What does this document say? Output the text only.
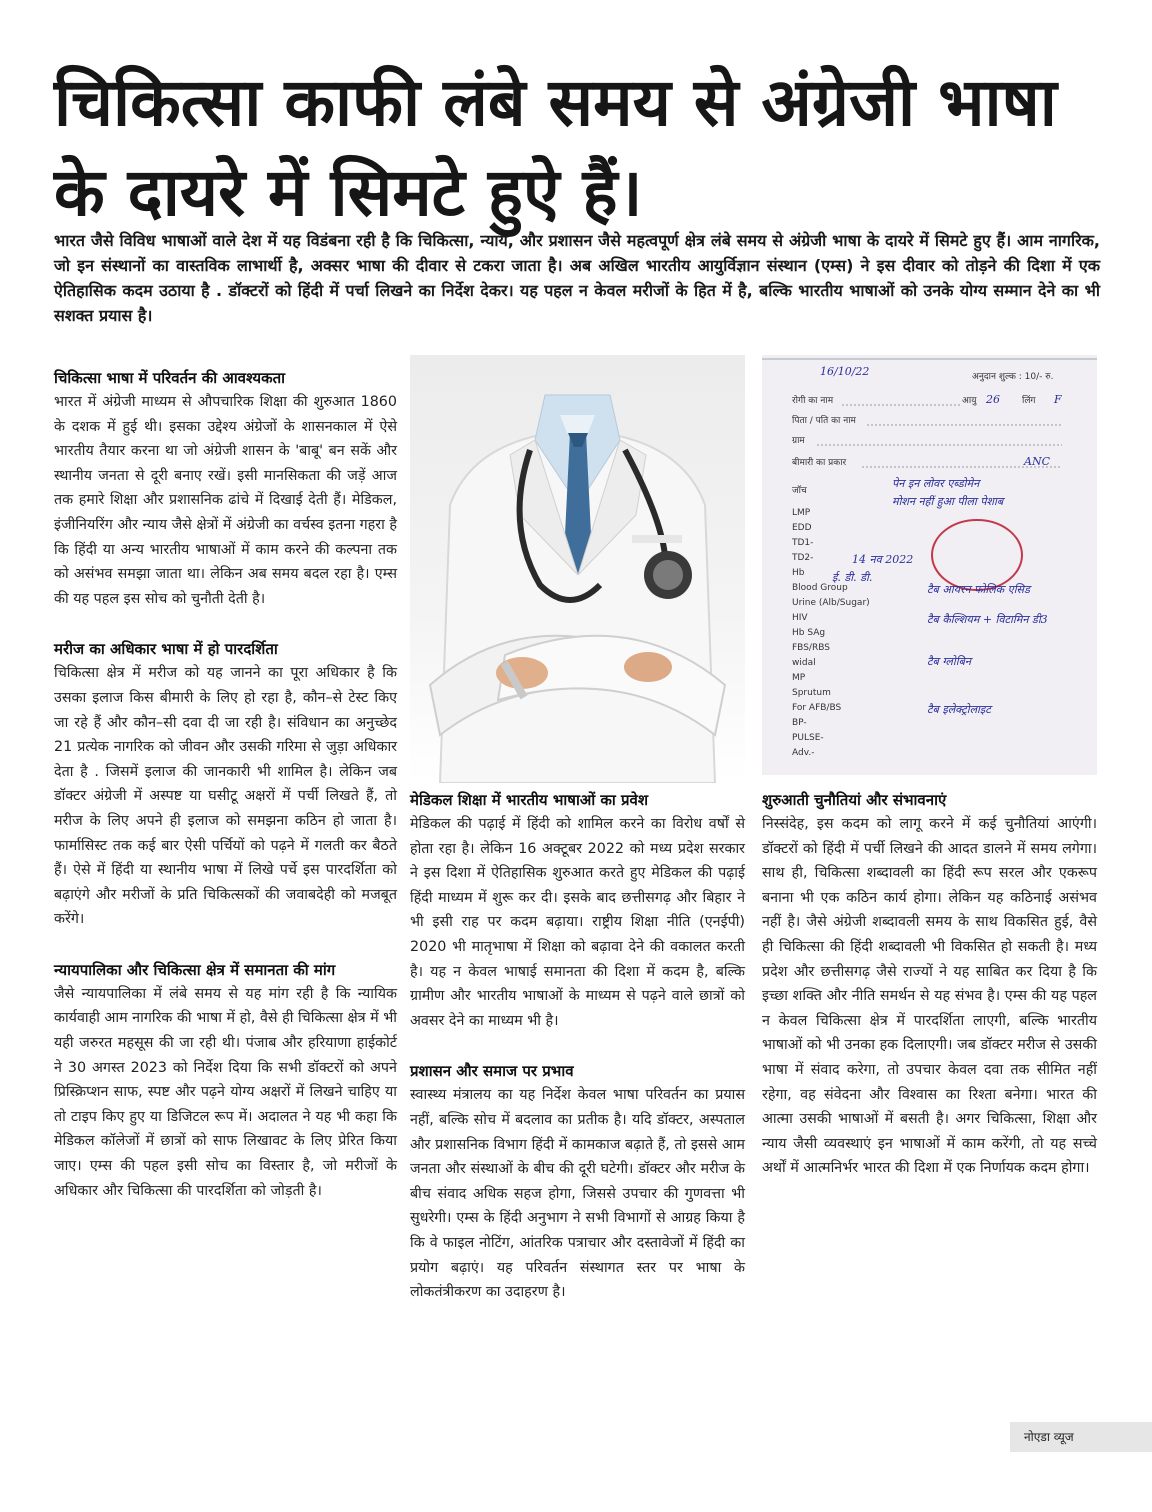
चिकित्सा काफी लंबे समय से अंग्रेजी भाषा के दायरे में सिमटे हुऐ हैं।

भारत जैसे विविध भाषाओं वाले देश में यह विडंबना रही है कि चिकित्सा, न्याय, और प्रशासन जैसे महत्वपूर्ण क्षेत्र लंबे समय से अंग्रेजी भाषा के दायरे में सिमटे हुए हैं। आम नागरिक, जो इन संस्थानों का वास्तविक लाभार्थी है, अक्सर भाषा की दीवार से टकरा जाता है। अब अखिल भारतीय आयुर्विज्ञान संस्थान (एम्स) ने इस दीवार को तोड़ने की दिशा में एक ऐतिहासिक कदम उठाया है . डॉक्टरों को हिंदी में पर्चा लिखने का निर्देश देकर। यह पहल न केवल मरीजों के हित में है, बल्कि भारतीय भाषाओं को उनके योग्य सम्मान देने का भी सशक्त प्रयास है।

चिकित्सा भाषा में परिवर्तन की आवश्यकता

भारत में अंग्रेजी माध्यम से औपचारिक शिक्षा की शुरुआत 1860 के दशक में हुई थी। इसका उद्देश्य अंग्रेजों के शासनकाल में ऐसे भारतीय तैयार करना था जो अंग्रेजी शासन के 'बाबू' बन सकें और स्थानीय जनता से दूरी बनाए रखें। इसी मानसिकता की जड़ें आज तक हमारे शिक्षा और प्रशासनिक ढांचे में दिखाई देती हैं। मेडिकल, इंजीनियरिंग और न्याय जैसे क्षेत्रों में अंग्रेजी का वर्चस्व इतना गहरा है कि हिंदी या अन्य भारतीय भाषाओं में काम करने की कल्पना तक को असंभव समझा जाता था। लेकिन अब समय बदल रहा है। एम्स की यह पहल इस सोच को चुनौती देती है।

मरीज का अधिकार भाषा में हो पारदर्शिता

चिकित्सा क्षेत्र में मरीज को यह जानने का पूरा अधिकार है कि उसका इलाज किस बीमारी के लिए हो रहा है, कौन–से टेस्ट किए जा रहे हैं और कौन–सी दवा दी जा रही है। संविधान का अनुच्छेद 21 प्रत्येक नागरिक को जीवन और उसकी गरिमा से जुड़ा अधिकार देता है . जिसमें इलाज की जानकारी भी शामिल है। लेकिन जब डॉक्टर अंग्रेजी में अस्पष्ट या घसीटू अक्षरों में पर्ची लिखते हैं, तो मरीज के लिए अपने ही इलाज को समझना कठिन हो जाता है। फार्मासिस्ट तक कई बार ऐसी पर्चियों को पढ़ने में गलती कर बैठते हैं। ऐसे में हिंदी या स्थानीय भाषा में लिखे पर्चे इस पारदर्शिता को बढ़ाएंगे और मरीजों के प्रति चिकित्सकों की जवाबदेही को मजबूत करेंगे।

न्यायपालिका और चिकित्सा क्षेत्र में समानता की मांग

जैसे न्यायपालिका में लंबे समय से यह मांग रही है कि न्यायिक कार्यवाही आम नागरिक की भाषा में हो, वैसे ही चिकित्सा क्षेत्र में भी यही जरुरत महसूस की जा रही थी। पंजाब और हरियाणा हाईकोर्ट ने 30 अगस्त 2023 को निर्देश दिया कि सभी डॉक्टरों को अपने प्रिस्क्रिप्शन साफ, स्पष्ट और पढ़ने योग्य अक्षरों में लिखने चाहिए या तो टाइप किए हुए या डिजिटल रूप में। अदालत ने यह भी कहा कि मेडिकल कॉलेजों में छात्रों को साफ लिखावट के लिए प्रेरित किया जाए। एम्स की पहल इसी सोच का विस्तार है, जो मरीजों के अधिकार और चिकित्सा की पारदर्शिता को जोड़ती है।

16/10/22	अनुदान शुल्क : 10/- रु.
रोगी का नाम	आयु 26 लिंग F
पिता / पति का नाम
ग्राम
बीमारी का प्रकार	ANC
जॉच
पेन इन लोवर एब्डोमेन
मोशन नहीं हुआ पीला पेशाब
LMP
EDD
TD1-
TD2-
Hb
Blood Group
Urine (Alb/Sugar)
HIV
Hb SAg
FBS/RBS
widal
MP
Sprutum
For AFB/BS
BP-
PULSE-
Adv.-
14 नव 2022
ई. डी. डी.
टैब आयरन फोलिक एसिड
टैब कैल्शियम + विटामिन डी3
टैब ग्लोबिन
टैब इलेक्ट्रोलाइट

मेडिकल शिक्षा में भारतीय भाषाओं का प्रवेश

मेडिकल की पढ़ाई में हिंदी को शामिल करने का विरोध वर्षों से होता रहा है। लेकिन 16 अक्टूबर 2022 को मध्य प्रदेश सरकार ने इस दिशा में ऐतिहासिक शुरुआत करते हुए मेडिकल की पढ़ाई हिंदी माध्यम में शुरू कर दी। इसके बाद छत्तीसगढ़ और बिहार ने भी इसी राह पर कदम बढ़ाया। राष्ट्रीय शिक्षा नीति (एनईपी) 2020 भी मातृभाषा में शिक्षा को बढ़ावा देने की वकालत करती है। यह न केवल भाषाई समानता की दिशा में कदम है, बल्कि ग्रामीण और भारतीय भाषाओं के माध्यम से पढ़ने वाले छात्रों को अवसर देने का माध्यम भी है।

प्रशासन और समाज पर प्रभाव

स्वास्थ्य मंत्रालय का यह निर्देश केवल भाषा परिवर्तन का प्रयास नहीं, बल्कि सोच में बदलाव का प्रतीक है। यदि डॉक्टर, अस्पताल और प्रशासनिक विभाग हिंदी में कामकाज बढ़ाते हैं, तो इससे आम जनता और संस्थाओं के बीच की दूरी घटेगी। डॉक्टर और मरीज के बीच संवाद अधिक सहज होगा, जिससे उपचार की गुणवत्ता भी सुधरेगी। एम्स के हिंदी अनुभाग ने सभी विभागों से आग्रह किया है कि वे फाइल नोटिंग, आंतरिक पत्राचार और दस्तावेजों में हिंदी का प्रयोग बढ़ाएं। यह परिवर्तन संस्थागत स्तर पर भाषा के लोकतंत्रीकरण का उदाहरण है।

शुरुआती चुनौतियां और संभावनाएं

निस्संदेह, इस कदम को लागू करने में कई चुनौतियां आएंगी। डॉक्टरों को हिंदी में पर्ची लिखने की आदत डालने में समय लगेगा। साथ ही, चिकित्सा शब्दावली का हिंदी रूप सरल और एकरूप बनाना भी एक कठिन कार्य होगा। लेकिन यह कठिनाई असंभव नहीं है। जैसे अंग्रेजी शब्दावली समय के साथ विकसित हुई, वैसे ही चिकित्सा की हिंदी शब्दावली भी विकसित हो सकती है। मध्य प्रदेश और छत्तीसगढ़ जैसे राज्यों ने यह साबित कर दिया है कि इच्छा शक्ति और नीति समर्थन से यह संभव है। एम्स की यह पहल न केवल चिकित्सा क्षेत्र में पारदर्शिता लाएगी, बल्कि भारतीय भाषाओं को भी उनका हक दिलाएगी। जब डॉक्टर मरीज से उसकी भाषा में संवाद करेगा, तो उपचार केवल दवा तक सीमित नहीं रहेगा, वह संवेदना और विश्वास का रिश्ता बनेगा। भारत की आत्मा उसकी भाषाओं में बसती है। अगर चिकित्सा, शिक्षा और न्याय जैसी व्यवस्थाएं इन भाषाओं में काम करेंगी, तो यह सच्चे अर्थों में आत्मनिर्भर भारत की दिशा में एक निर्णायक कदम होगा।

नोएडा व्यूज
